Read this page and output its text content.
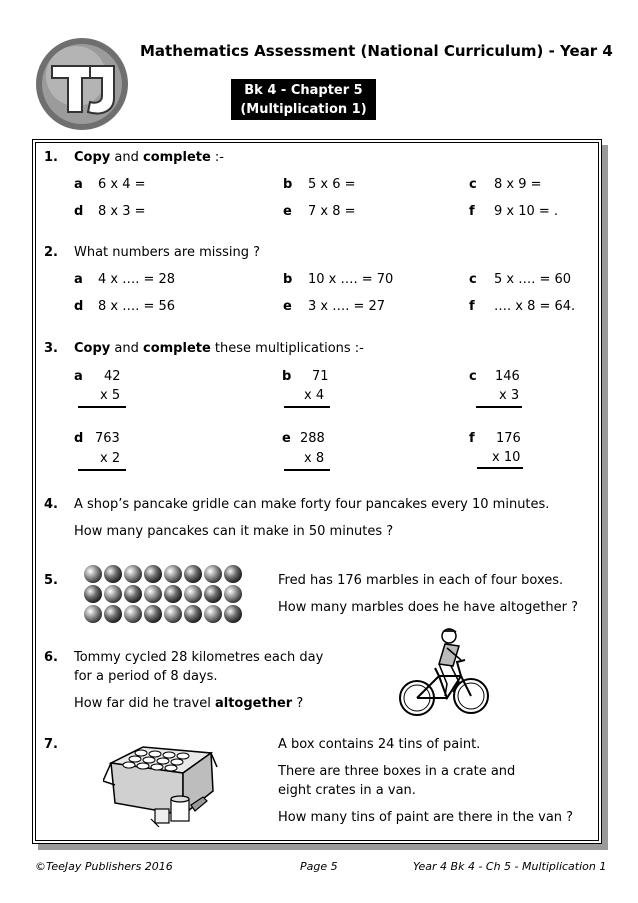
Mathematics Assessment (National Curriculum) - Year 4
Bk 4 - Chapter 5
(Multiplication 1)
1. Copy and complete :-
a 6 x 4 =	b 5 x 6 =	c 8 x 9 =
d 8 x 3 =	e 7 x 8 =	f 9 x 10 = .
2. What numbers are missing ?
a 4 x …. = 28	b 10 x …. = 70	c 5 x …. = 60
d 8 x …. = 56	e 3 x …. = 27	f …. x 8 = 64.
3. Copy and complete these multiplications :-
a 42
x 5
b 71
x 4
c 146
x 3
d 763
x 2
e 288
x 8
f 176
x 10
4. A shop’s pancake gridle can make forty four pancakes every 10 minutes.
How many pancakes can it make in 50 minutes ?
5.	Fred has 176 marbles in each of four boxes.
How many marbles does he have altogether ?
6. Tommy cycled 28 kilometres each day
for a period of 8 days.
How far did he travel altogether ?
7.	A box contains 24 tins of paint.
There are three boxes in a crate and
eight crates in a van.
How many tins of paint are there in the van ?
©TeeJay Publishers 2016	Page 5	Year 4 Bk 4 - Ch 5 - Multiplication 1
